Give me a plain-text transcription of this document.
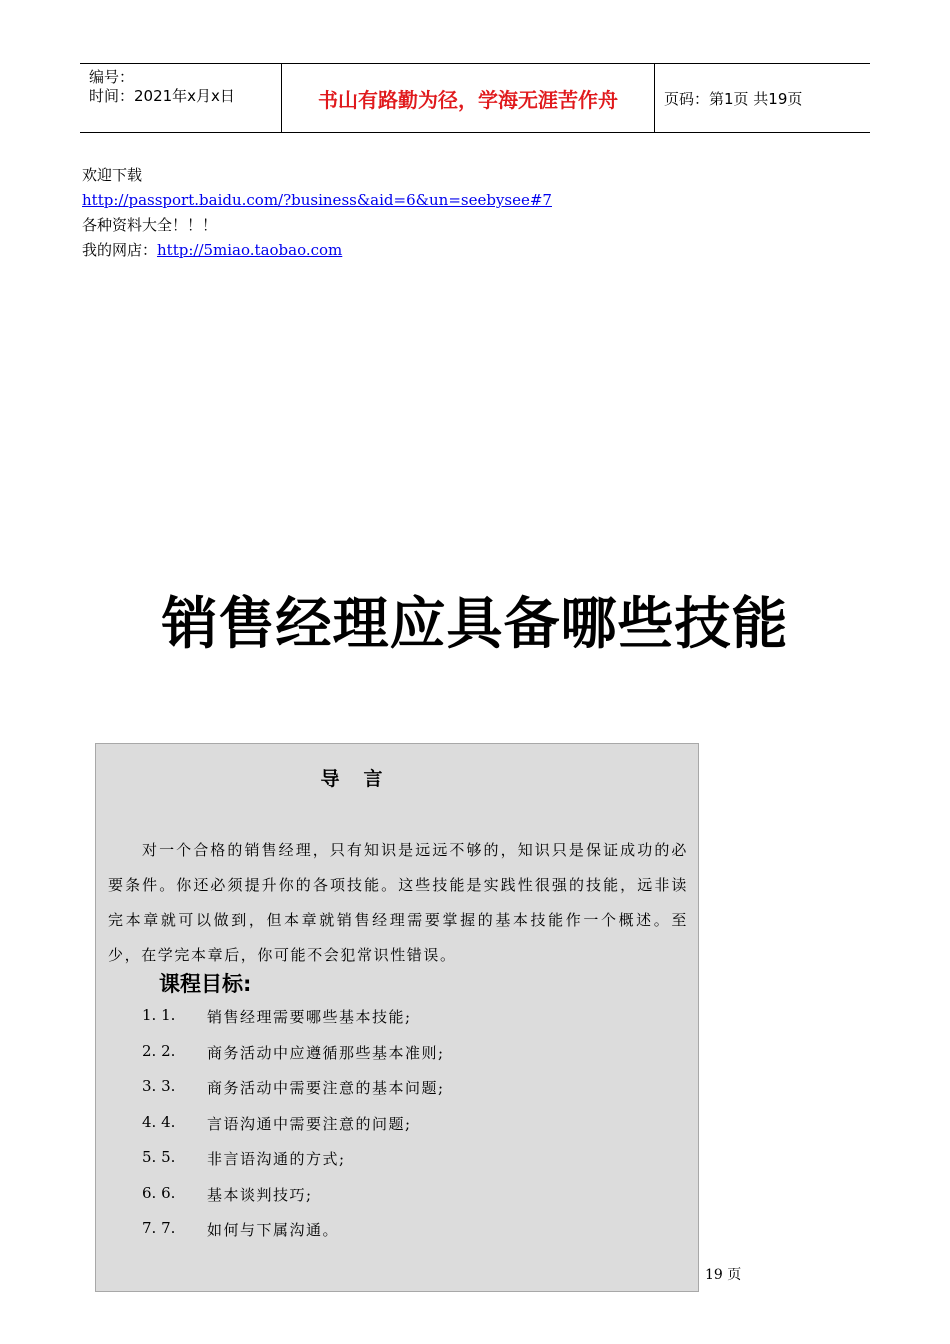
编号：
时间：2021年x月x日	书山有路勤为径，学海无涯苦作舟	页码：第1页 共19页
欢迎下载
http://passport.baidu.com/?business&aid=6&un=seebysee#7
各种资料大全！！！
我的网店：http://5miao.taobao.com
销售经理应具备哪些技能
导言
对一个合格的销售经理，只有知识是远远不够的，知识只是保证成功的必要条件。你还必须提升你的各项技能。这些技能是实践性很强的技能，远非读完本章就可以做到，但本章就销售经理需要掌握的基本技能作一个概述。至少，在学完本章后，你可能不会犯常识性错误。
课程目标:
1. 1.	销售经理需要哪些基本技能;
2. 2.	商务活动中应遵循那些基本准则;
3. 3.	商务活动中需要注意的基本问题;
4. 4.	言语沟通中需要注意的问题;
5. 5.	非言语沟通的方式;
6. 6.	基本谈判技巧;
7. 7.	如何与下属沟通。
19 页
